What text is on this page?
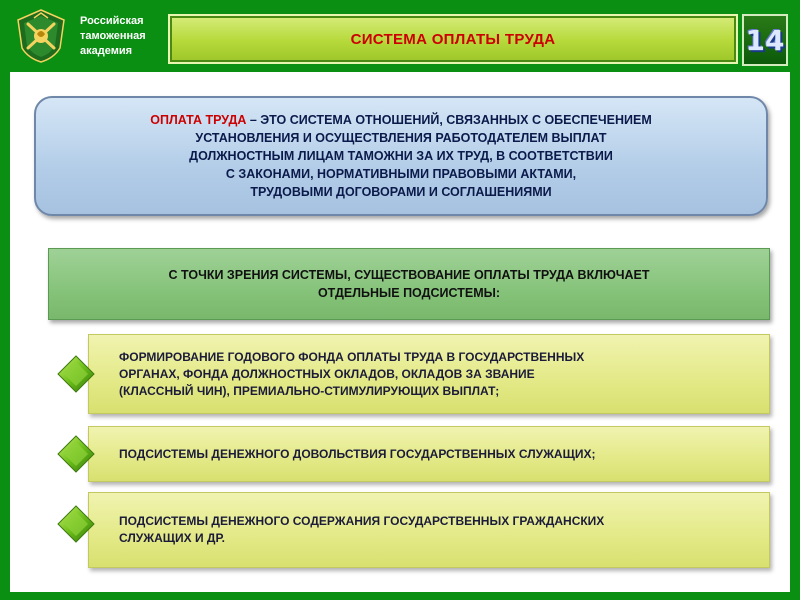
Российская
таможенная
академия
СИСТЕМА ОПЛАТЫ ТРУДА	14
ОПЛАТА ТРУДА – ЭТО СИСТЕМА ОТНОШЕНИЙ, СВЯЗАННЫХ С ОБЕСПЕЧЕНИЕМ
УСТАНОВЛЕНИЯ И ОСУЩЕСТВЛЕНИЯ РАБОТОДАТЕЛЕМ ВЫПЛАТ
ДОЛЖНОСТНЫМ ЛИЦАМ ТАМОЖНИ ЗА ИХ ТРУД, В СООТВЕТСТВИИ
С ЗАКОНАМИ, НОРМАТИВНЫМИ ПРАВОВЫМИ АКТАМИ,
ТРУДОВЫМИ ДОГОВОРАМИ И СОГЛАШЕНИЯМИ
С ТОЧКИ ЗРЕНИЯ СИСТЕМЫ, СУЩЕСТВОВАНИЕ ОПЛАТЫ ТРУДА ВКЛЮЧАЕТ
ОТДЕЛЬНЫЕ ПОДСИСТЕМЫ:
ФОРМИРОВАНИЕ ГОДОВОГО ФОНДА ОПЛАТЫ ТРУДА В ГОСУДАРСТВЕННЫХ
ОРГАНАХ, ФОНДА ДОЛЖНОСТНЫХ ОКЛАДОВ, ОКЛАДОВ ЗА ЗВАНИЕ
(КЛАССНЫЙ ЧИН), ПРЕМИАЛЬНО-СТИМУЛИРУЮЩИХ ВЫПЛАТ;
ПОДСИСТЕМЫ ДЕНЕЖНОГО ДОВОЛЬСТВИЯ ГОСУДАРСТВЕННЫХ СЛУЖАЩИХ;
ПОДСИСТЕМЫ ДЕНЕЖНОГО СОДЕРЖАНИЯ ГОСУДАРСТВЕННЫХ ГРАЖДАНСКИХ
СЛУЖАЩИХ И ДР.
